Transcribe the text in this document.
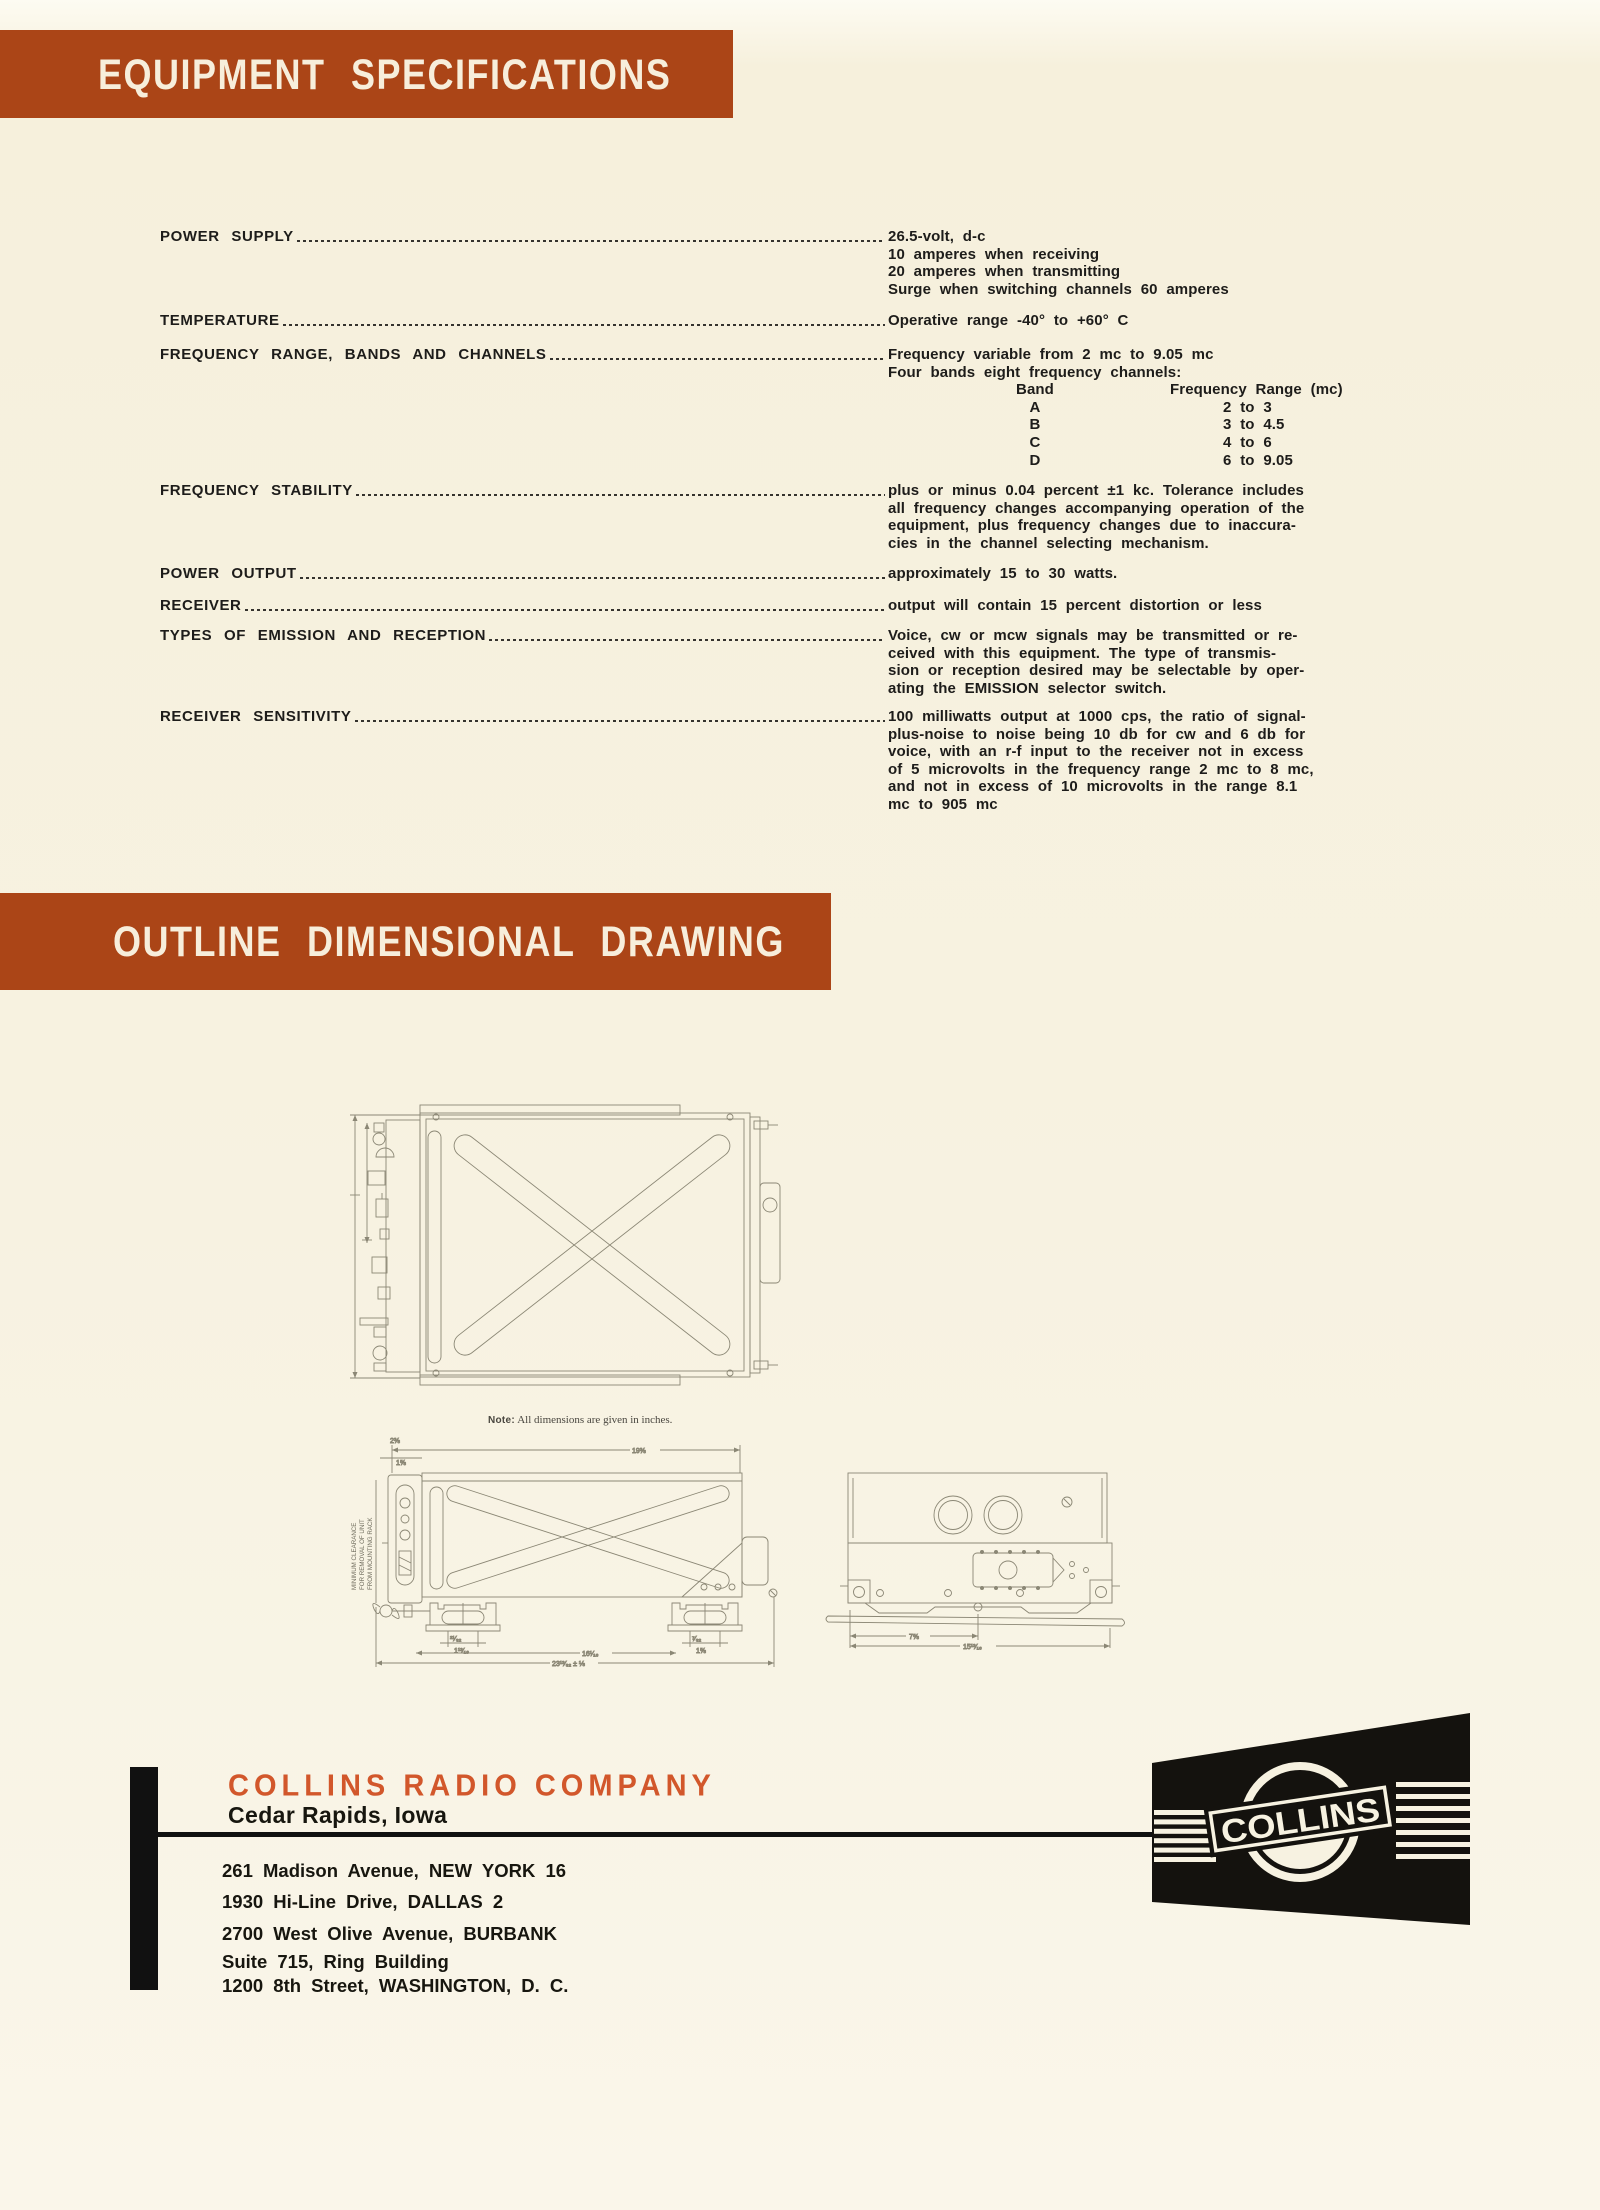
EQUIPMENT SPECIFICATIONS
OUTLINE DIMENSIONAL DRAWING
POWER SUPPLY	26.5-volt, d-c
10 amperes when receiving
20 amperes when transmitting
Surge when switching channels 60 amperes
TEMPERATURE	Operative range -40° to +60° C
FREQUENCY RANGE, BANDS AND CHANNELS	Frequency variable from 2 mc to 9.05 mc
Four bands eight frequency channels:
Band	Frequency Range (mc)
A	2 to 3
B	3 to 4.5
C	4 to 6
D	6 to 9.05
FREQUENCY STABILITY	plus or minus 0.04 percent ±1 kc. Tolerance includes
all frequency changes accompanying operation of the
equipment, plus frequency changes due to inaccura-
cies in the channel selecting mechanism.
POWER OUTPUT	approximately 15 to 30 watts.
RECEIVER	output will contain 15 percent distortion or less
TYPES OF EMISSION AND RECEPTION	Voice, cw or mcw signals may be transmitted or re-
ceived with this equipment. The type of transmis-
sion or reception desired may be selectable by oper-
ating the EMISSION selector switch.
RECEIVER SENSITIVITY	100 milliwatts output at 1000 cps, the ratio of signal-
plus-noise to noise being 10 db for cw and 6 db for
voice, with an r-f input to the receiver not in excess
of 5 microvolts in the frequency range 2 mc to 8 mc,
and not in excess of 10 microvolts in the range 8.1
mc to 905 mc
Note: All dimensions are given in inches.
MINIMUM CLEARANCE FOR REMOVAL OF UNIT FROM MOUNTING RACK
19⅜
2⅜
1⅝
²¹⁄₃₂
1¹³⁄₁₆
⁷⁄₃₂
1⅝
16¹⁄₁₆
23¹³⁄₃₂ ± ⅛
7⅝
15¹³⁄₁₆
COLLINS RADIO COMPANY
Cedar Rapids, Iowa
261 Madison Avenue, NEW YORK 16
1930 Hi-Line Drive, DALLAS 2
2700 West Olive Avenue, BURBANK
Suite 715, Ring Building
1200 8th Street, WASHINGTON, D. C.
COLLINS
